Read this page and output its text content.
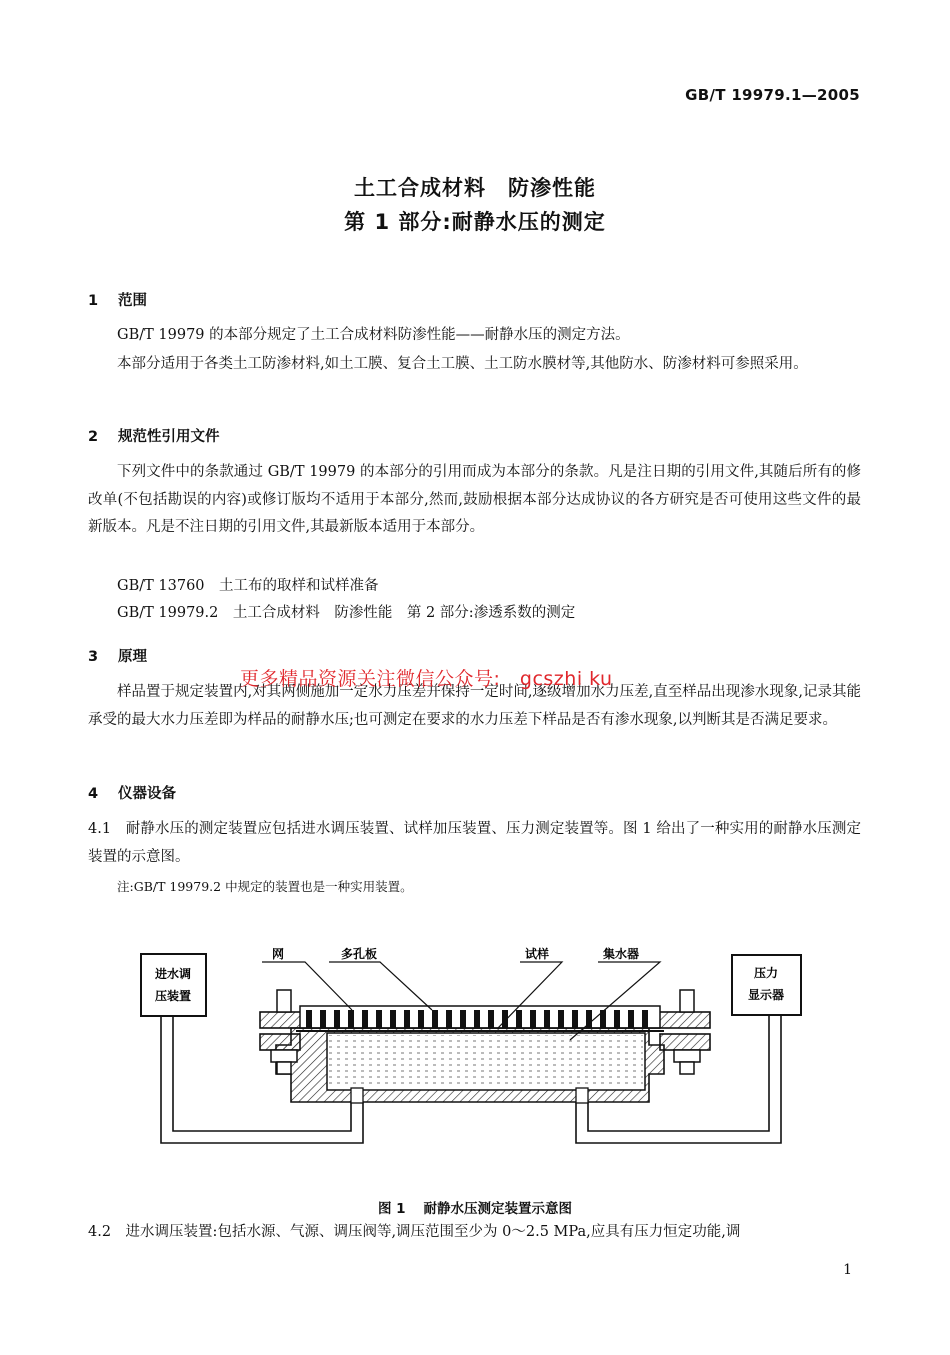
GB/T 19979.1—2005
土工合成材料　防渗性能
第 1 部分:耐静水压的测定
1 范围
GB/T 19979 的本部分规定了土工合成材料防渗性能——耐静水压的测定方法。
本部分适用于各类土工防渗材料,如土工膜、复合土工膜、土工防水膜材等,其他防水、防渗材料可参照采用。
2 规范性引用文件
下列文件中的条款通过 GB/T 19979 的本部分的引用而成为本部分的条款。凡是注日期的引用文件,其随后所有的修改单(不包括勘误的内容)或修订版均不适用于本部分,然而,鼓励根据本部分达成协议的各方研究是否可使用这些文件的最新版本。凡是不注日期的引用文件,其最新版本适用于本部分。
GB/T 13760　土工布的取样和试样准备
GB/T 19979.2　土工合成材料　防渗性能　第 2 部分:渗透系数的测定
3 原理
样品置于规定装置内,对其两侧施加一定水力压差并保持一定时间,逐级增加水力压差,直至样品出现渗水现象,记录其能承受的最大水力压差即为样品的耐静水压;也可测定在要求的水力压差下样品是否有渗水现象,以判断其是否满足要求。
更多精品资源关注微信公众号:　gcszhi ku
4 仪器设备
4.1　耐静水压的测定装置应包括进水调压装置、试样加压装置、压力测定装置等。图 1 给出了一种实用的耐静水压测定装置的示意图。
注:GB/T 19979.2 中规定的装置也是一种实用装置。
进水调
压装置
压力
显示器
网	多孔板	试样	集水器
图 1 耐静水压测定装置示意图
4.2　进水调压装置:包括水源、气源、调压阀等,调压范围至少为 0～2.5 MPa,应具有压力恒定功能,调
1
